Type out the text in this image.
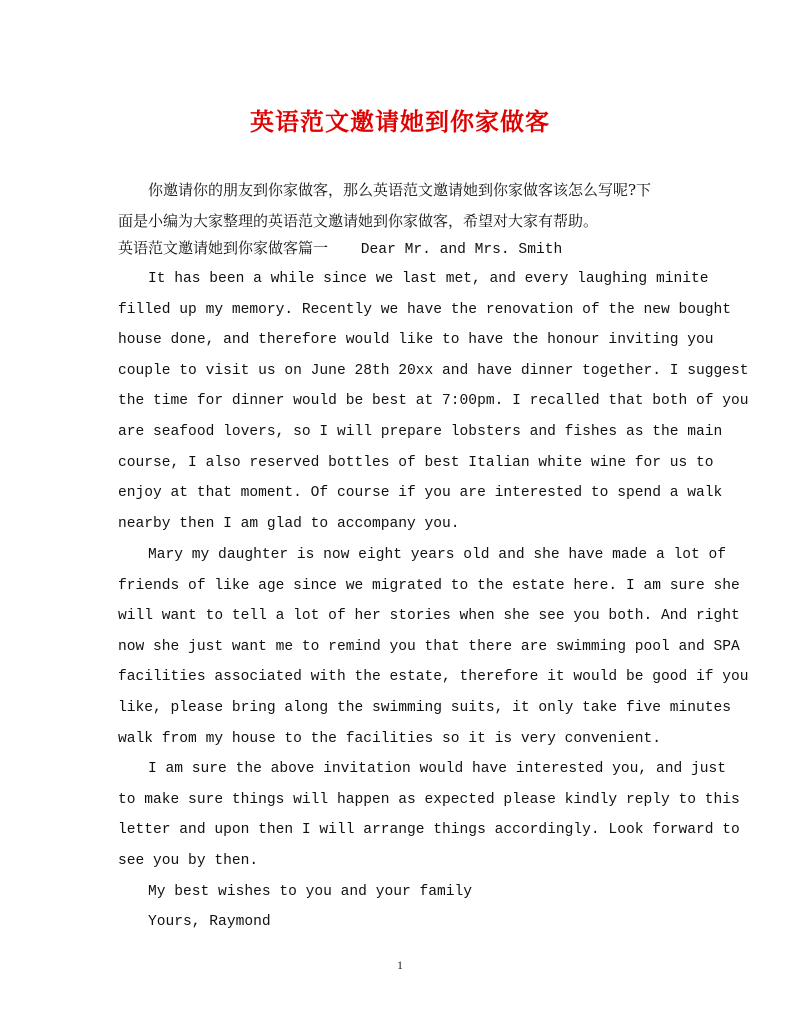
英语范文邀请她到你家做客
你邀请你的朋友到你家做客，那么英语范文邀请她到你家做客该怎么写呢?下
面是小编为大家整理的英语范文邀请她到你家做客，希望对大家有帮助。
英语范文邀请她到你家做客篇一 Dear Mr. and Mrs. Smith
It has been a while since we last met, and every laughing minite
filled up my memory. Recently we have the renovation of the new bought
house done, and therefore would like to have the honour inviting you
couple to visit us on June 28th 20xx and have dinner together. I suggest
the time for dinner would be best at 7:00pm. I recalled that both of you
are seafood lovers, so I will prepare lobsters and fishes as the main
course, I also reserved bottles of best Italian white wine for us to
enjoy at that moment. Of course if you are interested to spend a walk
nearby then I am glad to accompany you.
Mary my daughter is now eight years old and she have made a lot of
friends of like age since we migrated to the estate here. I am sure she
will want to tell a lot of her stories when she see you both. And right
now she just want me to remind you that there are swimming pool and SPA
facilities associated with the estate, therefore it would be good if you
like, please bring along the swimming suits, it only take five minutes
walk from my house to the facilities so it is very convenient.
I am sure the above invitation would have interested you, and just
to make sure things will happen as expected please kindly reply to this
letter and upon then I will arrange things accordingly. Look forward to
see you by then.
My best wishes to you and your family
Yours, Raymond
1
